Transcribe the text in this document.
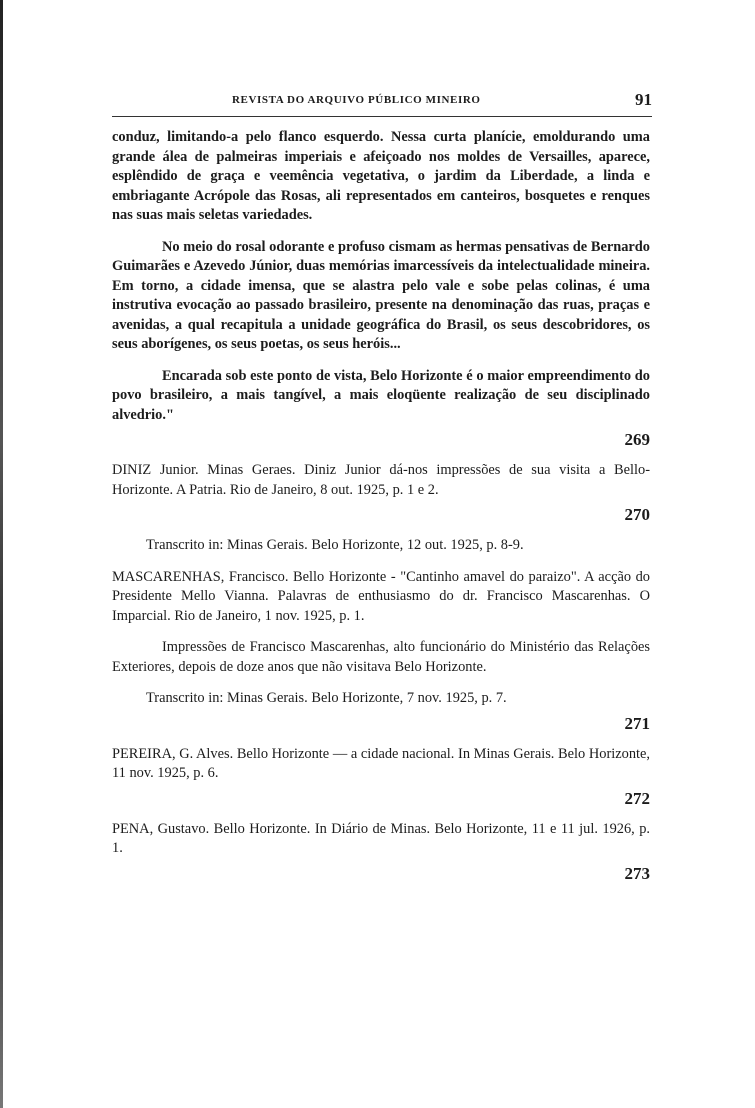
REVISTA DO ARQUIVO PÚBLICO MINEIRO	91

conduz, limitando-a pelo flanco esquerdo. Nessa curta planície, emoldurando uma grande álea de palmeiras imperiais e afeiçoado nos moldes de Versailles, aparece, esplêndido de graça e veemência vegetativa, o jardim da Liberdade, a linda e embriagante Acrópole das Rosas, ali representados em canteiros, bosquetes e renques nas suas mais seletas variedades.

No meio do rosal odorante e profuso cismam as hermas pensativas de Bernardo Guimarães e Azevedo Júnior, duas memórias imarcessíveis da intelectualidade mineira. Em torno, a cidade imensa, que se alastra pelo vale e sobe pelas colinas, é uma instrutiva evocação ao passado brasileiro, presente na denominação das ruas, praças e avenidas, a qual recapitula a unidade geográfica do Brasil, os seus descobridores, os seus aborígenes, os seus poetas, os seus heróis...

Encarada sob este ponto de vista, Belo Horizonte é o maior empreendimento do povo brasileiro, a mais tangível, a mais eloqüente realização de seu disciplinado alvedrio."

269

DINIZ Junior. Minas Geraes. Diniz Junior dá-nos impressões de sua visita a Bello-Horizonte. A Patria. Rio de Janeiro, 8 out. 1925, p. 1 e 2.

270

Transcrito in: Minas Gerais. Belo Horizonte, 12 out. 1925, p. 8-9.

MASCARENHAS, Francisco. Bello Horizonte - "Cantinho amavel do paraizo". A acção do Presidente Mello Vianna. Palavras de enthusiasmo do dr. Francisco Mascarenhas. O Imparcial. Rio de Janeiro, 1 nov. 1925, p. 1.

Impressões de Francisco Mascarenhas, alto funcionário do Ministério das Relações Exteriores, depois de doze anos que não visitava Belo Horizonte.

Transcrito in: Minas Gerais. Belo Horizonte, 7 nov. 1925, p. 7.

271

PEREIRA, G. Alves. Bello Horizonte — a cidade nacional. In Minas Gerais. Belo Horizonte, 11 nov. 1925, p. 6.

272

PENA, Gustavo. Bello Horizonte. In Diário de Minas. Belo Horizonte, 11 e 11 jul. 1926, p. 1.

273
